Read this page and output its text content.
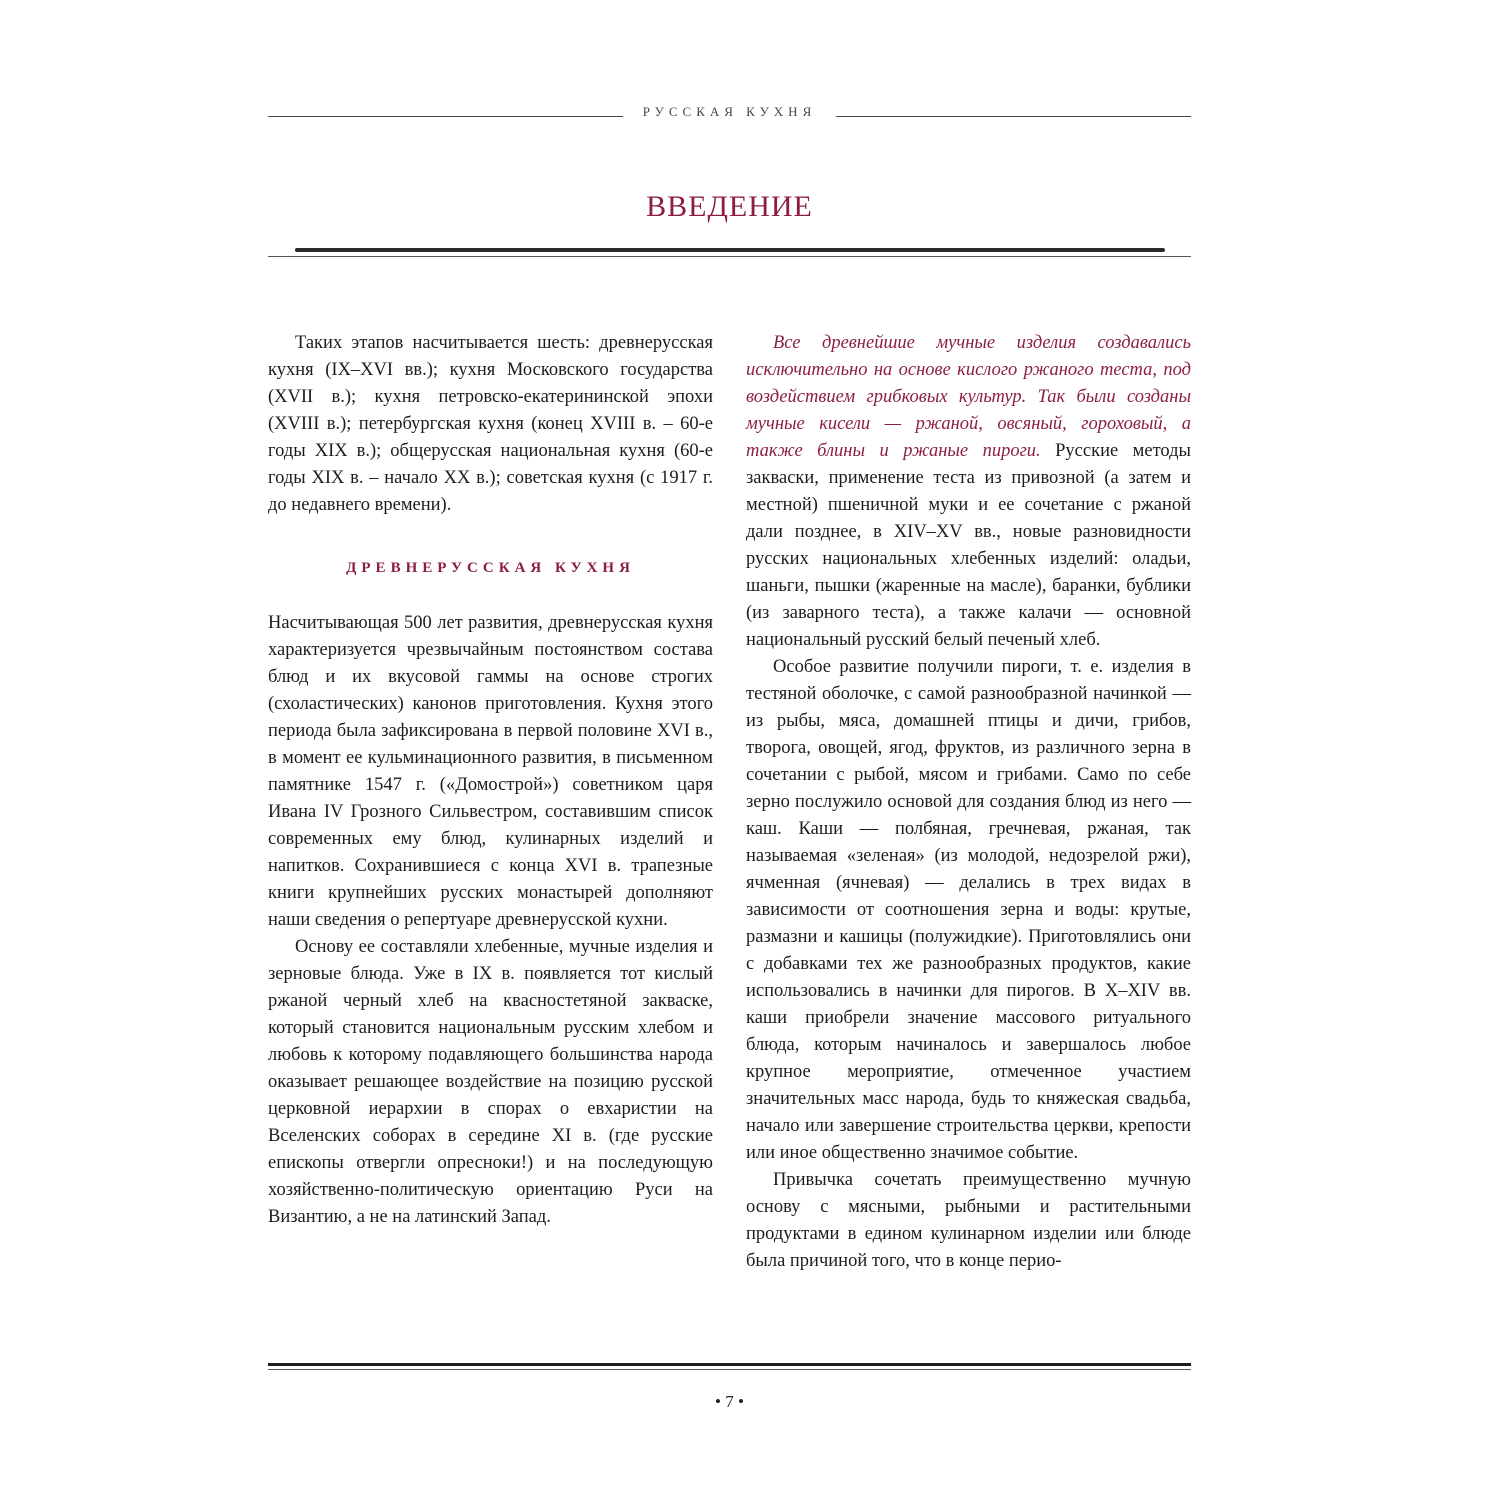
РУССКАЯ КУХНЯ
ВВЕДЕНИЕ

Таких этапов насчитывается шесть: древнерусская кухня (IX–XVI вв.); кухня Московского государства (XVII в.); кухня петровско-екатерининской эпохи (XVIII в.); петербургская кухня (конец XVIII в. – 60-е годы XIX в.); общерусская национальная кухня (60-е годы XIX в. – начало XX в.); советская кухня (с 1917 г. до недавнего времени).

ДРЕВНЕРУССКАЯ КУХНЯ

Насчитывающая 500 лет развития, древнерусская кухня характеризуется чрезвычайным постоянством состава блюд и их вкусовой гаммы на основе строгих (схоластических) канонов приготовления. Кухня этого периода была зафиксирована в первой половине XVI в., в момент ее кульминационного развития, в письменном памятнике 1547 г. («Домострой») советником царя Ивана IV Грозного Сильвестром, составившим список современных ему блюд, кулинарных изделий и напитков. Сохранившиеся с конца XVI в. трапезные книги крупнейших русских монастырей дополняют наши сведения о репертуаре древнерусской кухни.

Основу ее составляли хлебенные, мучные изделия и зерновые блюда. Уже в IX в. появляется тот кислый ржаной черный хлеб на квасностетяной закваске, который становится национальным русским хлебом и любовь к которому подавляющего большинства народа оказывает решающее воздействие на позицию русской церковной иерархии в спорах о евхаристии на Вселенских соборах в середине XI в. (где русские епископы отвергли опресноки!) и на последующую хозяйственно-политическую ориентацию Руси на Византию, а не на латинский Запад.

Все древнейшие мучные изделия создавались исключительно на основе кислого ржаного теста, под воздействием грибковых культур. Так были созданы мучные кисели — ржаной, овсяный, гороховый, а также блины и ржаные пироги. Русские методы закваски, применение теста из привозной (а затем и местной) пшеничной муки и ее сочетание с ржаной дали позднее, в XIV–XV вв., новые разновидности русских национальных хлебенных изделий: оладьи, шаньги, пышки (жаренные на масле), баранки, бублики (из заварного теста), а также калачи — основной национальный русский белый печеный хлеб.

Особое развитие получили пироги, т. е. изделия в тестяной оболочке, с самой разнообразной начинкой — из рыбы, мяса, домашней птицы и дичи, грибов, творога, овощей, ягод, фруктов, из различного зерна в сочетании с рыбой, мясом и грибами. Само по себе зерно послужило основой для создания блюд из него — каш. Каши — полбяная, гречневая, ржаная, так называемая «зеленая» (из молодой, недозрелой ржи), ячменная (ячневая) — делались в трех видах в зависимости от соотношения зерна и воды: крутые, размазни и кашицы (полужидкие). Приготовлялись они с добавками тех же разнообразных продуктов, какие использовались в начинки для пирогов. В X–XIV вв. каши приобрели значение массового ритуального блюда, которым начиналось и завершалось любое крупное мероприятие, отмеченное участием значительных масс народа, будь то княжеская свадьба, начало или завершение строительства церкви, крепости или иное общественно значимое событие.

Привычка сочетать преимущественно мучную основу с мясными, рыбными и растительными продуктами в едином кулинарном изделии или блюде была причиной того, что в конце перио-

• 7 •
